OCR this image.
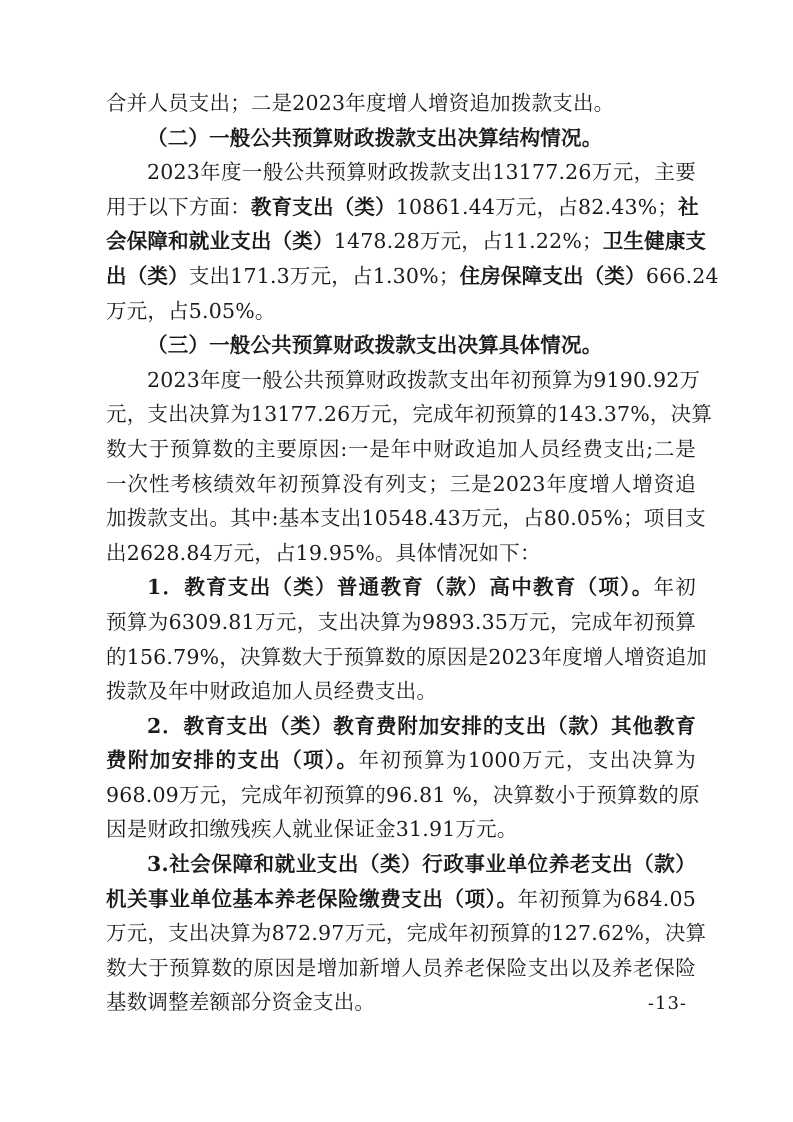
合并人员支出；二是2023年度增人增资追加拨款支出。
（二）一般公共预算财政拨款支出决算结构情况。
2023年度一般公共预算财政拨款支出13177.26万元，主要
用于以下方面：教育支出（类）10861.44万元，占82.43%；社
会保障和就业支出（类）1478.28万元，占11.22%；卫生健康支
出（类）支出171.3万元，占1.30%；住房保障支出（类）666.24
万元，占5.05%。
（三）一般公共预算财政拨款支出决算具体情况。
2023年度一般公共预算财政拨款支出年初预算为9190.92万
元，支出决算为13177.26万元，完成年初预算的143.37%，决算
数大于预算数的主要原因:一是年中财政追加人员经费支出;二是
一次性考核绩效年初预算没有列支；三是2023年度增人增资追
加拨款支出。其中:基本支出10548.43万元，占80.05%；项目支
出2628.84万元，占19.95%。具体情况如下：
1．教育支出（类）普通教育（款）高中教育（项）。年初
预算为6309.81万元，支出决算为9893.35万元，完成年初预算
的156.79%，决算数大于预算数的原因是2023年度增人增资追加
拨款及年中财政追加人员经费支出。
2．教育支出（类）教育费附加安排的支出（款）其他教育
费附加安排的支出（项）。年初预算为1000万元，支出决算为
968.09万元，完成年初预算的96.81 %，决算数小于预算数的原
因是财政扣缴残疾人就业保证金31.91万元。
3.社会保障和就业支出（类）行政事业单位养老支出（款）
机关事业单位基本养老保险缴费支出（项）。年初预算为684.05
万元，支出决算为872.97万元，完成年初预算的127.62%，决算
数大于预算数的原因是增加新增人员养老保险支出以及养老保险
基数调整差额部分资金支出。	-13-
